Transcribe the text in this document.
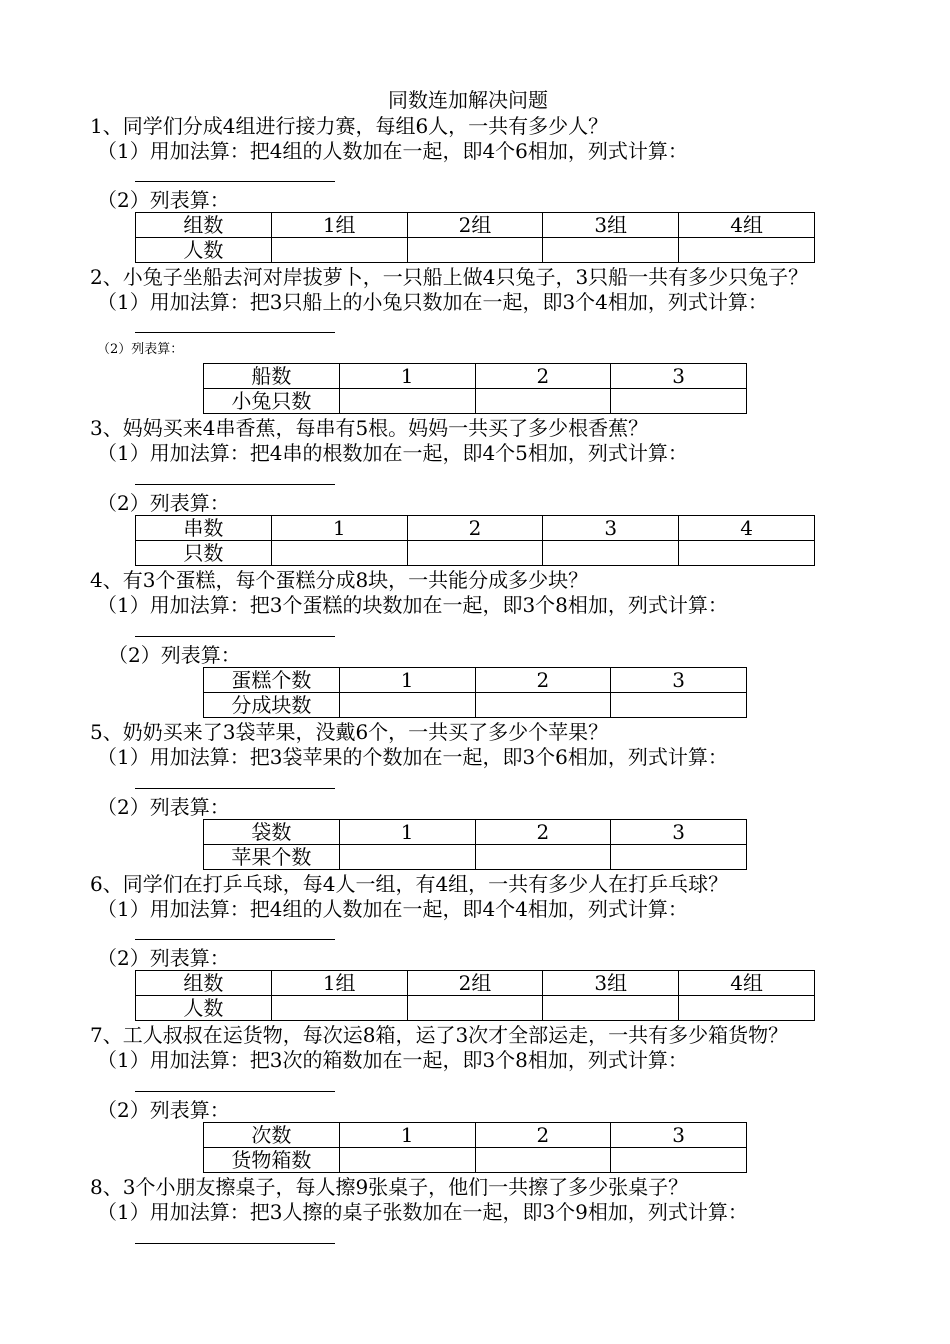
同数连加解决问题
1、同学们分成4组进行接力赛，每组6人，一共有多少人？
（1）用加法算：把4组的人数加在一起，即4个6相加，列式计算：
（2）列表算：
组数	1组	2组	3组	4组
人数				
2、小兔子坐船去河对岸拔萝卜，一只船上做4只兔子，3只船一共有多少只兔子？
（1）用加法算：把3只船上的小兔只数加在一起，即3个4相加，列式计算：
（2）列表算：
船数	1	2	3
小兔只数			
3、妈妈买来4串香蕉，每串有5根。妈妈一共买了多少根香蕉？
（1）用加法算：把4串的根数加在一起，即4个5相加，列式计算：
（2）列表算：
串数	1	2	3	4
只数				
4、有3个蛋糕，每个蛋糕分成8块，一共能分成多少块？
（1）用加法算：把3个蛋糕的块数加在一起，即3个8相加，列式计算：
（2）列表算：
蛋糕个数	1	2	3
分成块数			
5、奶奶买来了3袋苹果，没戴6个，一共买了多少个苹果？
（1）用加法算：把3袋苹果的个数加在一起，即3个6相加，列式计算：
（2）列表算：
袋数	1	2	3
苹果个数			
6、同学们在打乒乓球，每4人一组，有4组，一共有多少人在打乒乓球？
（1）用加法算：把4组的人数加在一起，即4个4相加，列式计算：
（2）列表算：
组数	1组	2组	3组	4组
人数				
7、工人叔叔在运货物，每次运8箱，运了3次才全部运走，一共有多少箱货物？
（1）用加法算：把3次的箱数加在一起，即3个8相加，列式计算：
（2）列表算：
次数	1	2	3
货物箱数			
8、3个小朋友擦桌子，每人擦9张桌子，他们一共擦了多少张桌子？
（1）用加法算：把3人擦的桌子张数加在一起，即3个9相加，列式计算：
